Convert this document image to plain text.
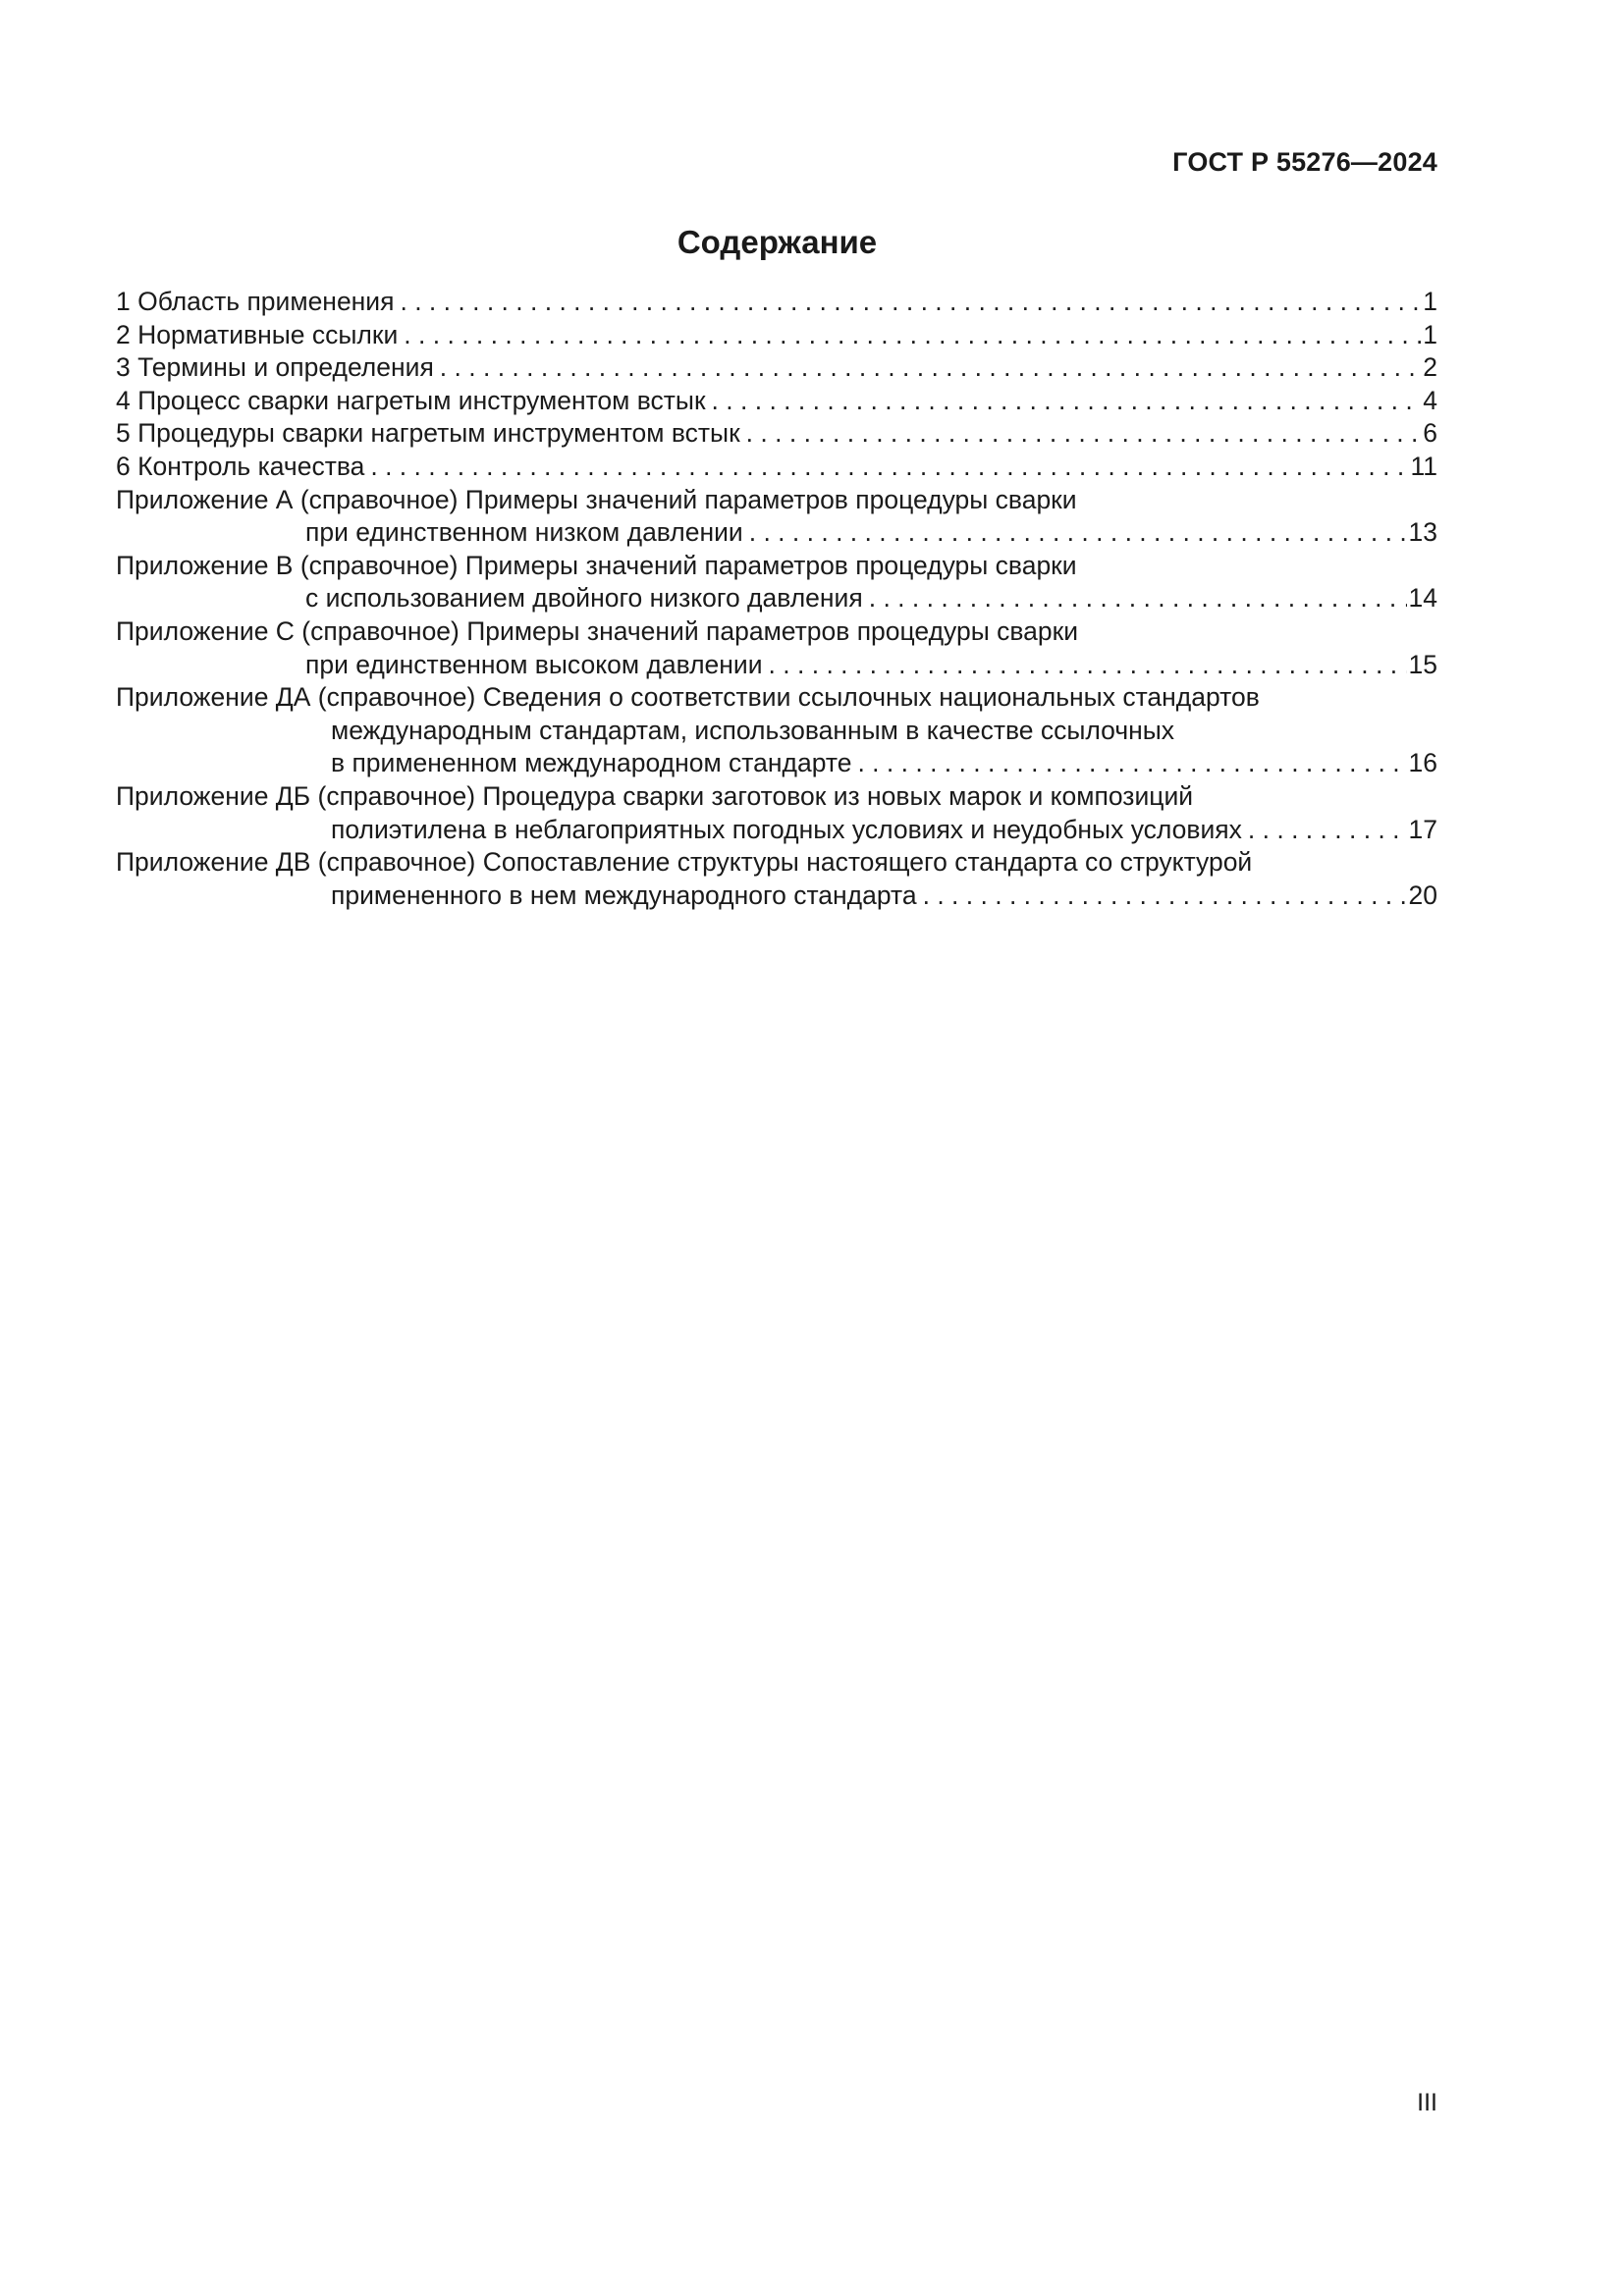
ГОСТ Р 55276—2024
Содержание
1 Область применения . . .	1
2 Нормативные ссылки . . .	1
3 Термины и определения . . .	2
4 Процесс сварки нагретым инструментом встык . . .	4
5 Процедуры сварки нагретым инструментом встык . . .	6
6 Контроль качества . . .	11
Приложение А (справочное) Примеры значений параметров процедуры сварки
при единственном низком давлении . . .	13
Приложение В (справочное) Примеры значений параметров процедуры сварки
с использованием двойного низкого давления . . .	14
Приложение С (справочное) Примеры значений параметров процедуры сварки
при единственном высоком давлении . . .	15
Приложение ДА (справочное) Сведения о соответствии ссылочных национальных стандартов
международным стандартам, использованным в качестве ссылочных
в примененном международном стандарте . . .	16
Приложение ДБ (справочное) Процедура сварки заготовок из новых марок и композиций
полиэтилена в неблагоприятных погодных условиях и неудобных условиях . . .	17
Приложение ДВ (справочное) Сопоставление структуры настоящего стандарта со структурой
примененного в нем международного стандарта . . .	20
III
